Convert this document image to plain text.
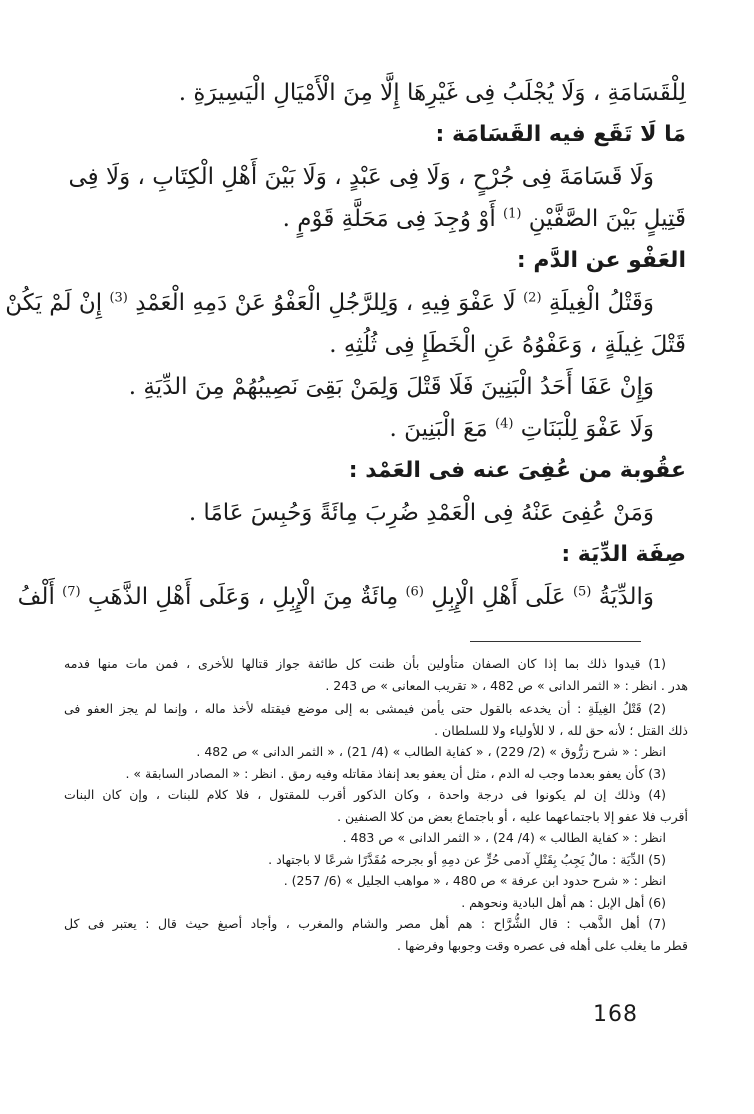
لِلْقَسَامَةِ ، وَلَا يُجْلَبُ فِى غَيْرِهَا إِلَّا مِنَ الْأَمْيَالِ الْيَسِيرَةِ .
مَا لَا تَقَع فيه القَسَامَة :
وَلَا قَسَامَةَ فِى جُرْحٍ ، وَلَا فِى عَبْدٍ ، وَلَا بَيْنَ أَهْلِ الْكِتَابِ ، وَلَا فِى
قَتِيلٍ بَيْنَ الصَّفَّيْنِ $^{(1)}$ أَوْ وُجِدَ فِى مَحَلَّةِ قَوْمٍ .
العَفْو عن الدَّم :
وَقَتْلُ الْغِيلَةِ $^{(2)}$ لَا عَفْوَ فِيهِ ، وَلِلرَّجُلِ الْعَفْوُ عَنْ دَمِهِ الْعَمْدِ $^{(3)}$ إِنْ لَمْ يَكُنْ
قَتْلَ غِيلَةٍ ، وَعَفْوُهُ عَنِ الْخَطَإِ فِى ثُلُثِهِ .
وَإِنْ عَفَا أَحَدُ الْبَنِينَ فَلَا قَتْلَ وَلِمَنْ بَقِىَ نَصِيبُهُمْ مِنَ الدِّيَةِ .
وَلَا عَفْوَ لِلْبَنَاتِ $^{(4)}$ مَعَ الْبَنِينَ .
عقُوبة من عُفِىَ عنه فى العَمْد :
وَمَنْ عُفِىَ عَنْهُ فِى الْعَمْدِ ضُرِبَ مِائَةً وَحُبِسَ عَامًا .
صِفَة الدِّيَة :
وَالدِّيَةُ $^{(5)}$ عَلَى أَهْلِ الْإِبِلِ $^{(6)}$ مِائَةٌ مِنَ الْإِبِلِ ، وَعَلَى أَهْلِ الذَّهَبِ $^{(7)}$ أَلْفُ
(1) قيدوا ذلك بما إذا كان الصفان متأولين بأن ظنت كل طائفة جواز قتالها للأخرى ، فمن مات منها فدمه
هدر . انظر : « الثمر الدانى » ص 482 ، « تقريب المعانى » ص 243 .
(2) قَتْلُ الغِيلَةِ : أن يخدعه بالقول حتى يأمن فيمشى به إلى موضع فيقتله لأخذ ماله ، وإنما لم يجز العفو فى
ذلك القتل ؛ لأنه حق لله ، لا للأولياء ولا للسلطان .
انظر : « شرح زرُّوق » (2/ 229) ، « كفاية الطالب » (4/ 21) ، « الثمر الدانى » ص 482 .
(3) كأن يعفو بعدما وجب له الدم ، مثل أن يعفو بعد إنفاذ مقاتله وفيه رمق . انظر : « المصادر السابقة » .
(4) وذلك إن لم يكونوا فى درجة واحدة ، وكان الذكور أقرب للمقتول ، فلا كلام للبنات ، وإن كان البنات
أقرب فلا عفو إلا باجتماعهما عليه ، أو باجتماع بعض من كلا الصنفين .
انظر : « كفاية الطالب » (4/ 24) ، « الثمر الدانى » ص 483 .
(5) الدِّيَة : مالٌ يَجِبُ بِقَتْلِ آدمى حُرٍّ عن دمِهِ أو بجرحه مُقَدَّرًا شرعًا لا باجتهاد .
انظر : « شرح حدود ابن عرفة » ص 480 ، « مواهب الجليل » (6/ 257) .
(6) أهل الإبل : هم أهل البادية ونحوهم .
(7) أهل الذَّهب : قال الشُّرَّاح : هم أهل مصر والشام والمغرب ، وأجاد أصبغ حيث قال : يعتبر فى كل
قطر ما يغلب على أهله فى عصره وقت وجوبها وفرضها .
168
